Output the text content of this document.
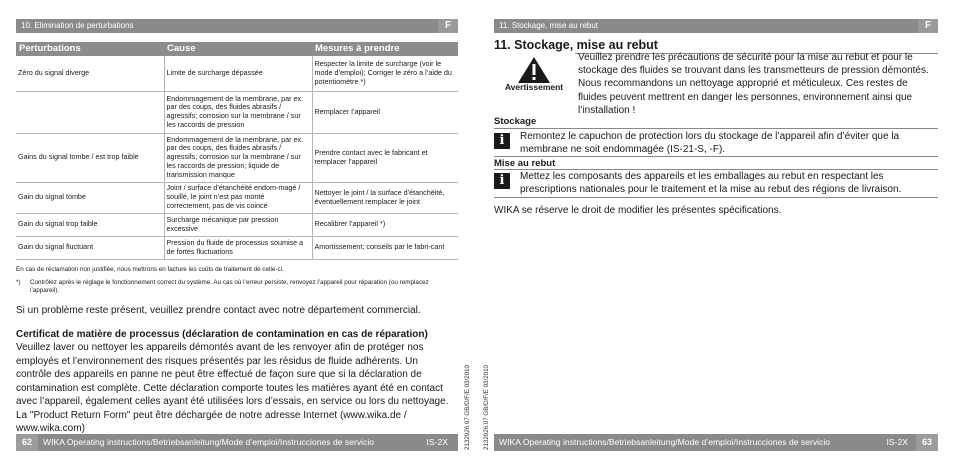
10. Elimination de perturbations	F
Perturbations	Cause	Mesures à prendre
Zéro du signal diverge	Limite de surcharge dépassée	Respecter la limite de surcharge (voir le mode d’emploi); Corriger le zéro a l’aide du potentiomètre *)
	Endommagement de la membrane, par ex. par des coups, des fluides abrasifs / agressifs; corrosion sur la membrane / sur les raccords de pression	Remplacer l’appareil
Gains du signal tombe / est trop faible	Endommagement de la membrane, par ex. par des coups, des fluides abrasifs / agressifs; corrosion sur la membrane / sur les raccords de pression; liquide de transmission manque	Prendre contact avec le fabricant et remplacer l’appareil
Gain du signal tombe	Joint / surface d’étanchéité endom-magé / souillé, le joint n’est pas monté correctement, pas de vis coincé	Nettoyer le joint / la surface d’étanchéité, éventuellement remplacer le joint
Gain du signal trop faible	Surcharge mécanique par pression excessive	Recalibrer l’appareil *)
Gain du signal fluctuant	Pression du fluide de processus soumise a de fortes fluctuations	Amortissement; conseils par le fabri-cant
En cas de réclamation non justifiée, nous mettrons en facture les coûts de traitement de celle-ci.
*)	Contrôlez après le réglage le fonctionnement correct du système. Au cas où l’erreur persiste, renvoyez l’appareil pour réparation (ou remplacez l’appareil).
Si un problème reste présent, veuillez prendre contact avec notre département commercial.
Certificat de matière de processus (déclaration de contamination en cas de réparation)
Veuillez laver ou nettoyer les appareils démontés avant de les renvoyer afin de protéger nos employés et l’environnement des risques présentés par les résidus de fluide adhérents. Un contrôle des appareils en panne ne peut être effectué de façon sure que si la déclaration de contamination est complète. Cette déclaration comporte toutes les matières ayant été en contact avec l’appareil, également celles ayant été utilisées lors d’essais, en service ou lors du nettoyage. La "Product Return Form" peut être déchargée de notre adresse Internet (www.wika.de / www.wika.com)
62	WIKA Operating instructions/Betriebsanleitung/Mode d’emploi/Instrucciones de servicio	IS-2X	2132926.07 GB/D/F/E 03/2010 2132926.07 GB/D/F/E 03/2010
11. Stockage, mise au rebut	F
11. Stockage, mise au rebut
Avertissement
Veuillez prendre les précautions de sécurité pour la mise au rebut et pour le stockage des fluides se trouvant dans les transmetteurs de pression démontés. Nous recommandons un nettoyage approprié et méticuleux. Ces restes de fluides peuvent mettrent en danger les personnes, environnement ainsi que l’installation !
Stockage
i	Remontez le capuchon de protection lors du stockage de l’appareil afin d’éviter que la membrane ne soit endommagée (IS-21-S, -F).
Mise au rebut
i	Mettez les composants des appareils et les emballages au rebut en respectant les prescriptions nationales pour le traitement et la mise au rebut des régions de livraison.
WIKA se réserve le droit de modifier les présentes spécifications.
WIKA Operating instructions/Betriebsanleitung/Mode d’emploi/Instrucciones de servicio	IS-2X	63
